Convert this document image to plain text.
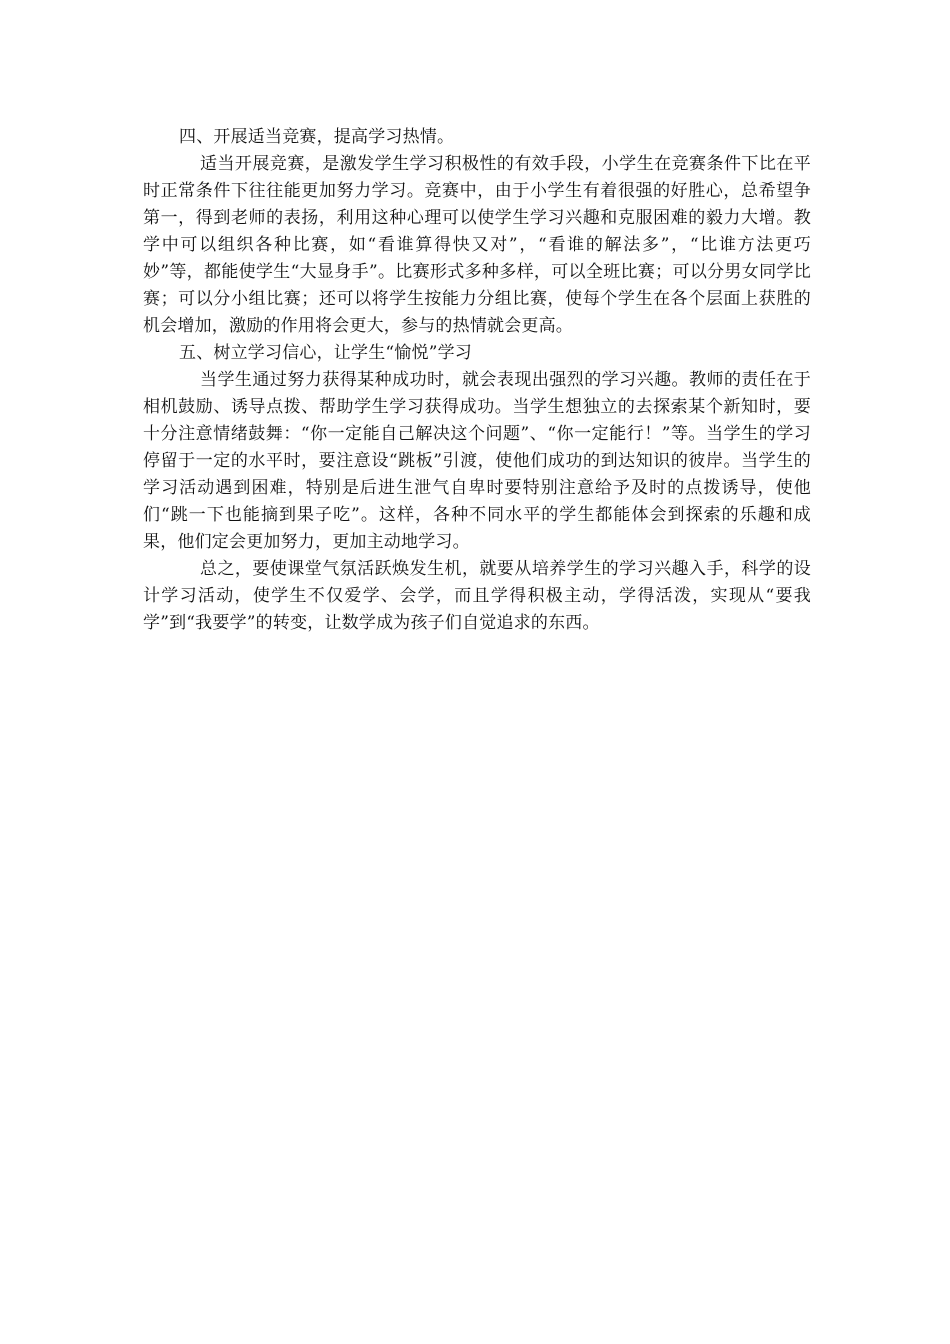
四、开展适当竞赛，提高学习热情。

适当开展竞赛，是激发学生学习积极性的有效手段，小学生在竞赛条件下比在平时正常条件下往往能更加努力学习。竞赛中，由于小学生有着很强的好胜心，总希望争第一，得到老师的表扬，利用这种心理可以使学生学习兴趣和克服困难的毅力大增。教学中可以组织各种比赛，如“看谁算得快又对”，“看谁的解法多”，“比谁方法更巧妙”等，都能使学生“大显身手”。比赛形式多种多样，可以全班比赛；可以分男女同学比赛；可以分小组比赛；还可以将学生按能力分组比赛，使每个学生在各个层面上获胜的机会增加，激励的作用将会更大，参与的热情就会更高。

五、树立学习信心，让学生“愉悦”学习

当学生通过努力获得某种成功时，就会表现出强烈的学习兴趣。教师的责任在于相机鼓励、诱导点拨、帮助学生学习获得成功。当学生想独立的去探索某个新知时，要十分注意情绪鼓舞：“你一定能自己解决这个问题”、“你一定能行！”等。当学生的学习停留于一定的水平时，要注意设“跳板”引渡，使他们成功的到达知识的彼岸。当学生的学习活动遇到困难，特别是后进生泄气自卑时要特别注意给予及时的点拨诱导，使他们“跳一下也能摘到果子吃”。这样，各种不同水平的学生都能体会到探索的乐趣和成果，他们定会更加努力，更加主动地学习。

总之，要使课堂气氛活跃焕发生机，就要从培养学生的学习兴趣入手，科学的设计学习活动，使学生不仅爱学、会学，而且学得积极主动，学得活泼，实现从“要我学”到“我要学”的转变，让数学成为孩子们自觉追求的东西。
